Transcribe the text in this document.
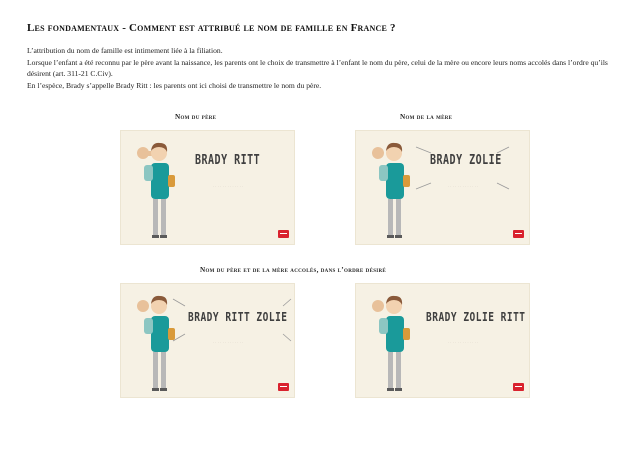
Les fondamentaux - Comment est attribué le nom de famille en France ?

L’attribution du nom de famille est intimement liée à la filiation.

Lorsque l’enfant a été reconnu par le père avant la naissance, les parents ont le choix de transmettre à l’enfant le nom du père, celui de la mère ou encore leurs noms accolés dans l’ordre qu’ils désirent (art. 311-21 C.Civ).

En l’espèce, Brady s’appelle Brady Ritt : les parents ont ici choisi de transmettre le nom du père.

Nom du père	Nom de la mère
Nom du père et de la mère accolés, dans l’ordre désiré
BRADY RITT
· · · · · · · · · · · · ·
BRADY ZOLIE
· · · · · · · · · · · · ·
BRADY RITT ZOLIE
· · · · · · · · · · · · ·
BRADY ZOLIE RITT
· · · · · · · · · · · · ·
